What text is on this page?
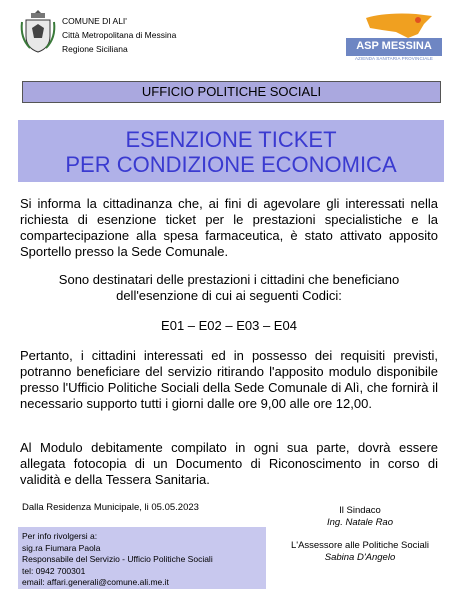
COMUNE DI ALI'
Città Metropolitana di Messina
Regione Siciliana	ASP MESSINA
AZIENDA SANITARIA PROVINCIALE
UFFICIO POLITICHE SOCIALI
ESENZIONE TICKET
PER CONDIZIONE ECONOMICA
Si informa la cittadinanza che, ai fini di agevolare gli interessati nella richiesta di esenzione ticket per le prestazioni specialistiche e la compartecipazione alla spesa farmaceutica, è stato attivato apposito Sportello presso la Sede Comunale.
Sono destinatari delle prestazioni i cittadini che beneficiano dell'esenzione di cui ai seguenti Codici:
E01 – E02 – E03 – E04
Pertanto, i cittadini interessati ed in possesso dei requisiti previsti, potranno beneficiare del servizio ritirando l'apposito modulo disponibile presso l'Ufficio Politiche Sociali della Sede Comunale di Alì, che fornirà il necessario supporto tutti i giorni dalle ore 9,00 alle ore 12,00.
Al Modulo debitamente compilato in ogni sua parte, dovrà essere allegata fotocopia di un Documento di Riconoscimento in corso di validità e della Tessera Sanitaria.
Dalla Residenza Municipale, li 05.05.2023
Per info rivolgersi a:
sig.ra Fiumara Paola
Responsabile del Servizio - Ufficio Politiche Sociali
tel: 0942 700301
email: affari.generali@comune.ali.me.it
Il Sindaco
Ing. Natale Rao
L'Assessore alle Politiche Sociali
Sabina D'Angelo
